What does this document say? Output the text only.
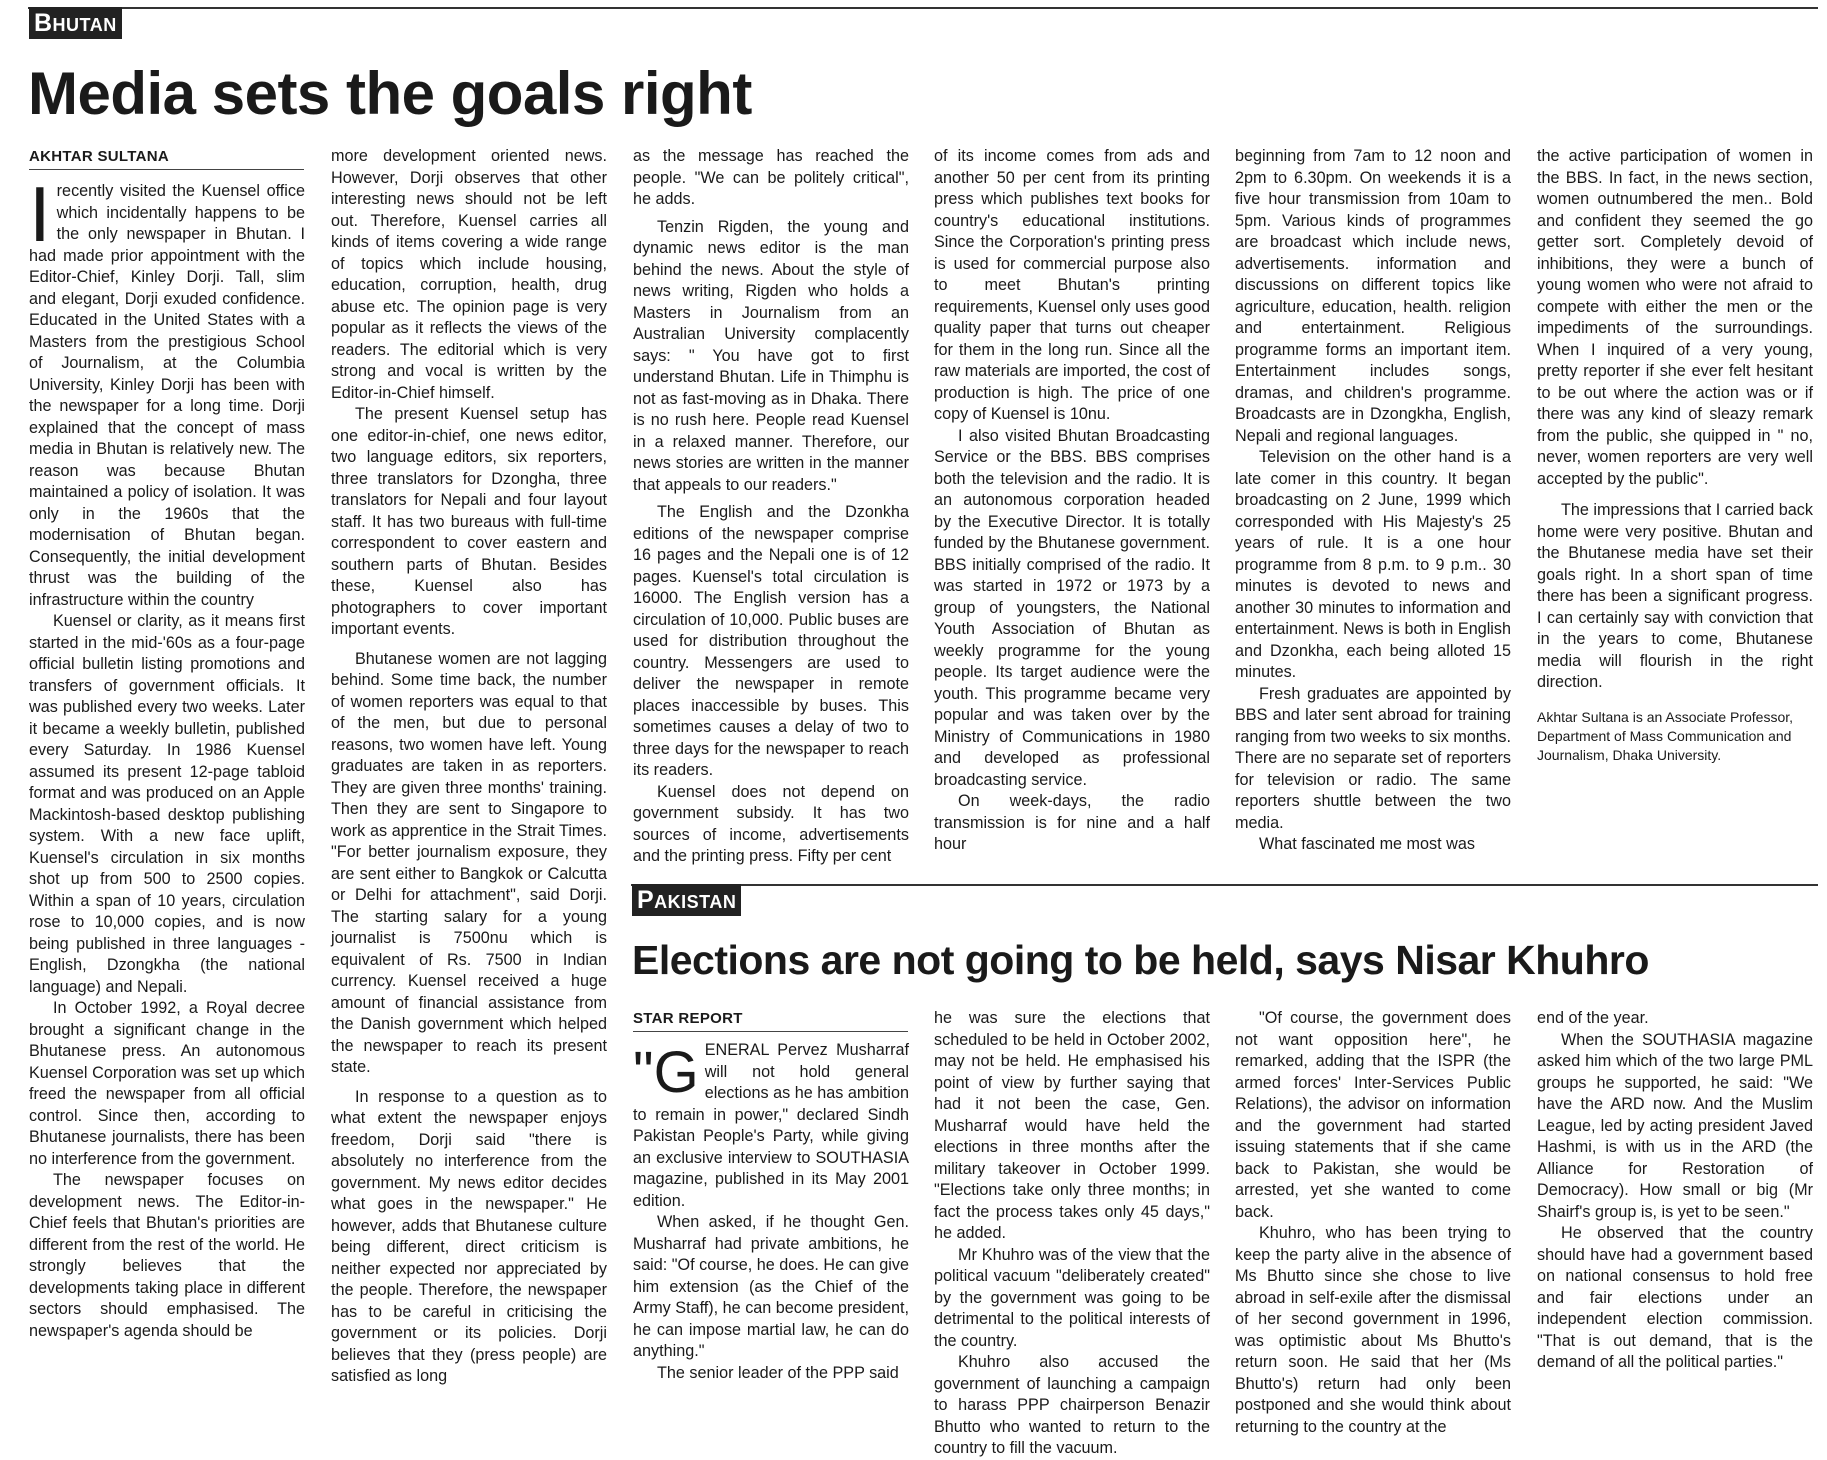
Bhutan
Media sets the goals right
AKHTAR SULTANA
I recently visited the Kuensel office which incidentally happens to be the only newspaper in Bhutan. I had made prior appointment with the Editor-Chief, Kinley Dorji. Tall, slim and elegant, Dorji exuded confidence. Educated in the United States with a Masters from the prestigious School of Journalism, at the Columbia University, Kinley Dorji has been with the newspaper for a long time. Dorji explained that the concept of mass media in Bhutan is relatively new. The reason was because Bhutan maintained a policy of isolation. It was only in the 1960s that the modernisation of Bhutan began. Consequently, the initial development thrust was the building of the infrastructure within the country

Kuensel or clarity, as it means first started in the mid-'60s as a four-page official bulletin listing promotions and transfers of government officials. It was published every two weeks. Later it became a weekly bulletin, published every Saturday. In 1986 Kuensel assumed its present 12-page tabloid format and was produced on an Apple Mackintosh-based desktop publishing system. With a new face uplift, Kuensel's circulation in six months shot up from 500 to 2500 copies. Within a span of 10 years, circulation rose to 10,000 copies, and is now being published in three languages - English, Dzongkha (the national language) and Nepali.

In October 1992, a Royal decree brought a significant change in the Bhutanese press. An autonomous Kuensel Corporation was set up which freed the newspaper from all official control. Since then, according to Bhutanese journalists, there has been no interference from the government.

The newspaper focuses on development news. The Editor-in-Chief feels that Bhutan's priorities are different from the rest of the world. He strongly believes that the developments taking place in different sectors should emphasised. The newspaper's agenda should be

more development oriented news. However, Dorji observes that other interesting news should not be left out. Therefore, Kuensel carries all kinds of items covering a wide range of topics which include housing, education, corruption, health, drug abuse etc. The opinion page is very popular as it reflects the views of the readers. The editorial which is very strong and vocal is written by the Editor-in-Chief himself.

The present Kuensel setup has one editor-in-chief, one news editor, two language editors, six reporters, three translators for Dzongha, three translators for Nepali and four layout staff. It has two bureaus with full-time correspondent to cover eastern and southern parts of Bhutan. Besides these, Kuensel also has photographers to cover important important events.

Bhutanese women are not lagging behind. Some time back, the number of women reporters was equal to that of the men, but due to personal reasons, two women have left. Young graduates are taken in as reporters. They are given three months' training. Then they are sent to Singapore to work as apprentice in the Strait Times. "For better journalism exposure, they are sent either to Bangkok or Calcutta or Delhi for attachment", said Dorji. The starting salary for a young journalist is 7500nu which is equivalent of Rs. 7500 in Indian currency. Kuensel received a huge amount of financial assistance from the Danish government which helped the newspaper to reach its present state.

In response to a question as to what extent the newspaper enjoys freedom, Dorji said "there is absolutely no interference from the government. My news editor decides what goes in the newspaper." He however, adds that Bhutanese culture being different, direct criticism is neither expected nor appreciated by the people. Therefore, the newspaper has to be careful in criticising the government or its policies. Dorji believes that they (press people) are satisfied as long

as the message has reached the people. "We can be politely critical", he adds.

Tenzin Rigden, the young and dynamic news editor is the man behind the news. About the style of news writing, Rigden who holds a Masters in Journalism from an Australian University complacently says: " You have got to first understand Bhutan. Life in Thimphu is not as fast-moving as in Dhaka. There is no rush here. People read Kuensel in a relaxed manner. Therefore, our news stories are written in the manner that appeals to our readers."

The English and the Dzonkha editions of the newspaper comprise 16 pages and the Nepali one is of 12 pages. Kuensel's total circulation is 16000. The English version has a circulation of 10,000. Public buses are used for distribution throughout the country. Messengers are used to deliver the newspaper in remote places inaccessible by buses. This sometimes causes a delay of two to three days for the newspaper to reach its readers.

Kuensel does not depend on government subsidy. It has two sources of income, advertisements and the printing press. Fifty per cent

of its income comes from ads and another 50 per cent from its printing press which publishes text books for country's educational institutions. Since the Corporation's printing press is used for commercial purpose also to meet Bhutan's printing requirements, Kuensel only uses good quality paper that turns out cheaper for them in the long run. Since all the raw materials are imported, the cost of production is high. The price of one copy of Kuensel is 10nu.

I also visited Bhutan Broadcasting Service or the BBS. BBS comprises both the television and the radio. It is an autonomous corporation headed by the Executive Director. It is totally funded by the Bhutanese government. BBS initially comprised of the radio. It was started in 1972 or 1973 by a group of youngsters, the National Youth Association of Bhutan as weekly programme for the young people. Its target audience were the youth. This programme became very popular and was taken over by the Ministry of Communications in 1980 and developed as professional broadcasting service.

On week-days, the radio transmission is for nine and a half hour

beginning from 7am to 12 noon and 2pm to 6.30pm. On weekends it is a five hour transmission from 10am to 5pm. Various kinds of programmes are broadcast which include news, advertisements. information and discussions on different topics like agriculture, education, health. religion and entertainment. Religious programme forms an important item. Entertainment includes songs, dramas, and children's programme. Broadcasts are in Dzongkha, English, Nepali and regional languages.

Television on the other hand is a late comer in this country. It began broadcasting on 2 June, 1999 which corresponded with His Majesty's 25 years of rule. It is a one hour programme from 8 p.m. to 9 p.m.. 30 minutes is devoted to news and another 30 minutes to information and entertainment. News is both in English and Dzonkha, each being alloted 15 minutes.

Fresh graduates are appointed by BBS and later sent abroad for training ranging from two weeks to six months. There are no separate set of reporters for television or radio. The same reporters shuttle between the two media.

What fascinated me most was

the active participation of women in the BBS. In fact, in the news section, women outnumbered the men.. Bold and confident they seemed the go getter sort. Completely devoid of inhibitions, they were a bunch of young women who were not afraid to compete with either the men or the impediments of the surroundings. When I inquired of a very young, pretty reporter if she ever felt hesitant to be out where the action was or if there was any kind of sleazy remark from the public, she quipped in " no, never, women reporters are very well accepted by the public".

The impressions that I carried back home were very positive. Bhutan and the Bhutanese media have set their goals right. In a short span of time there has been a significant progress. I can certainly say with conviction that in the years to come, Bhutanese media will flourish in the right direction.

Akhtar Sultana is an Associate Professor, Department of Mass Communication and Journalism, Dhaka University.
Pakistan
Elections are not going to be held, says Nisar Khuhro
STAR REPORT
"G ENERAL Pervez Musharraf will not hold general elections as he has ambition to remain in power," declared Sindh Pakistan People's Party, while giving an exclusive interview to SOUTHASIA magazine, published in its May 2001 edition.

When asked, if he thought Gen. Musharraf had private ambitions, he said: "Of course, he does. He can give him extension (as the Chief of the Army Staff), he can become president, he can impose martial law, he can do anything."

The senior leader of the PPP said

he was sure the elections that scheduled to be held in October 2002, may not be held. He emphasised his point of view by further saying that had it not been the case, Gen. Musharraf would have held the elections in three months after the military takeover in October 1999. "Elections take only three months; in fact the process takes only 45 days," he added.

Mr Khuhro was of the view that the political vacuum "deliberately created" by the government was going to be detrimental to the political interests of the country.

Khuhro also accused the government of launching a campaign to harass PPP chairperson Benazir Bhutto who wanted to return to the country to fill the vacuum.

"Of course, the government does not want opposition here", he remarked, adding that the ISPR (the armed forces' Inter-Services Public Relations), the advisor on information and the government had started issuing statements that if she came back to Pakistan, she would be arrested, yet she wanted to come back.

Khuhro, who has been trying to keep the party alive in the absence of Ms Bhutto since she chose to live abroad in self-exile after the dismissal of her second government in 1996, was optimistic about Ms Bhutto's return soon. He said that her (Ms Bhutto's) return had only been postponed and she would think about returning to the country at the

end of the year.

When the SOUTHASIA magazine asked him which of the two large PML groups he supported, he said: "We have the ARD now. And the Muslim League, led by acting president Javed Hashmi, is with us in the ARD (the Alliance for Restoration of Democracy). How small or big (Mr Shairf's group is, is yet to be seen."

He observed that the country should have had a government based on national consensus to hold free and fair elections under an independent election commission. "That is out demand, that is the demand of all the political parties."
